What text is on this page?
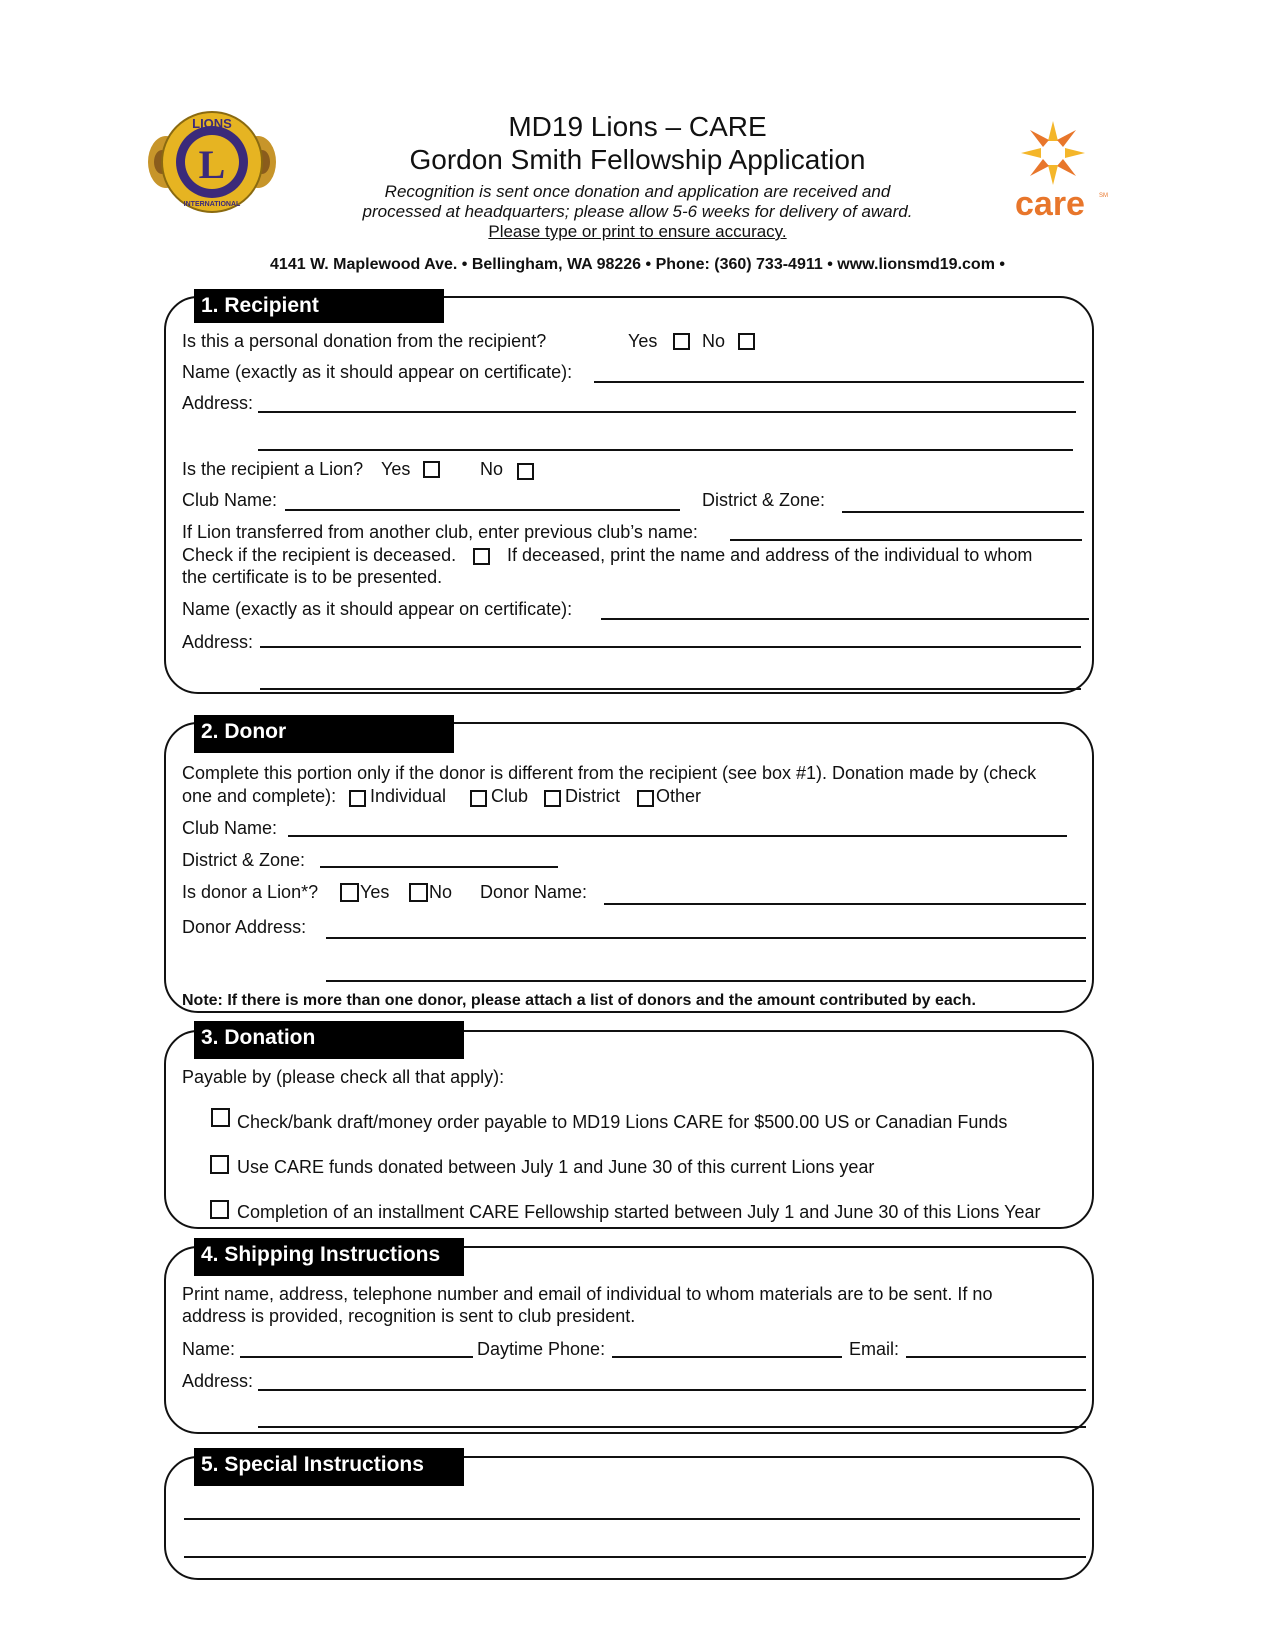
L
LIONS
INTERNATIONAL
MD19 Lions – CARE
Gordon Smith Fellowship Application
Recognition is sent once donation and application are received and
processed at headquarters; please allow 5-6 weeks for delivery of award.
Please type or print to ensure accuracy.
care SM
4141 W. Maplewood Ave. • Bellingham, WA 98226 • Phone: (360) 733-4911 • www.lionsmd19.com •
1. Recipient
Is this a personal donation from the recipient?	Yes No
Name (exactly as it should appear on certificate):
Address:
Is the recipient a Lion? Yes	No
Club Name:	District & Zone:
If Lion transferred from another club, enter previous club’s name:
Check if the recipient is deceased.	If deceased, print the name and address of the individual to whom
the certificate is to be presented.
Name (exactly as it should appear on certificate):
Address:
2. Donor
Complete this portion only if the donor is different from the recipient (see box #1). Donation made by (check
one and complete): Individual Club District Other
Club Name:
District & Zone:
Is donor a Lion*? Yes No Donor Name:
Donor Address:
Note: If there is more than one donor, please attach a list of donors and the amount contributed by each.
3. Donation
Payable by (please check all that apply):
Check/bank draft/money order payable to MD19 Lions CARE for $500.00 US or Canadian Funds
Use CARE funds donated between July 1 and June 30 of this current Lions year
Completion of an installment CARE Fellowship started between July 1 and June 30 of this Lions Year
4. Shipping Instructions
Print name, address, telephone number and email of individual to whom materials are to be sent. If no
address is provided, recognition is sent to club president.
Name:	Daytime Phone:	Email:
Address:
5. Special Instructions
